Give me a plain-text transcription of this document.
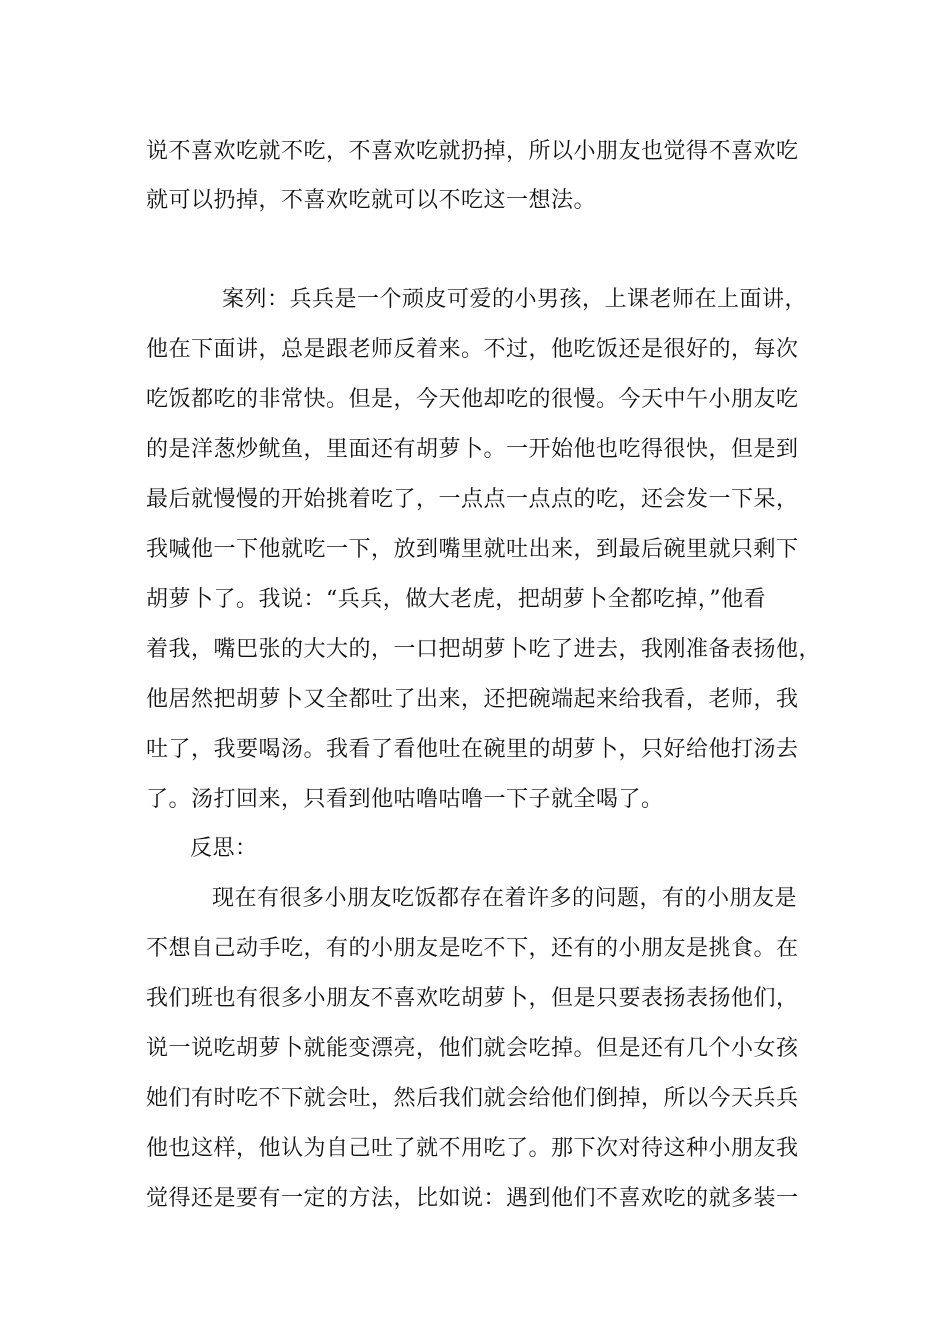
说不喜欢吃就不吃，不喜欢吃就扔掉，所以小朋友也觉得不喜欢吃
就可以扔掉，不喜欢吃就可以不吃这一想法。
案列：兵兵是一个顽皮可爱的小男孩，上课老师在上面讲，
他在下面讲，总是跟老师反着来。不过，他吃饭还是很好的，每次
吃饭都吃的非常快。但是，今天他却吃的很慢。今天中午小朋友吃
的是洋葱炒鱿鱼，里面还有胡萝卜。一开始他也吃得很快，但是到
最后就慢慢的开始挑着吃了，一点点一点点的吃，还会发一下呆，
我喊他一下他就吃一下，放到嘴里就吐出来，到最后碗里就只剩下
胡萝卜了。我说：“兵兵，做大老虎，把胡萝卜全都吃掉，”他看
着我，嘴巴张的大大的，一口把胡萝卜吃了进去，我刚准备表扬他，
他居然把胡萝卜又全都吐了出来，还把碗端起来给我看，老师，我
吐了，我要喝汤。我看了看他吐在碗里的胡萝卜，只好给他打汤去
了。汤打回来，只看到他咕噜咕噜一下子就全喝了。
反思：
现在有很多小朋友吃饭都存在着许多的问题，有的小朋友是
不想自己动手吃，有的小朋友是吃不下，还有的小朋友是挑食。在
我们班也有很多小朋友不喜欢吃胡萝卜，但是只要表扬表扬他们，
说一说吃胡萝卜就能变漂亮，他们就会吃掉。但是还有几个小女孩
她们有时吃不下就会吐，然后我们就会给他们倒掉，所以今天兵兵
他也这样，他认为自己吐了就不用吃了。那下次对待这种小朋友我
觉得还是要有一定的方法，比如说：遇到他们不喜欢吃的就多装一
